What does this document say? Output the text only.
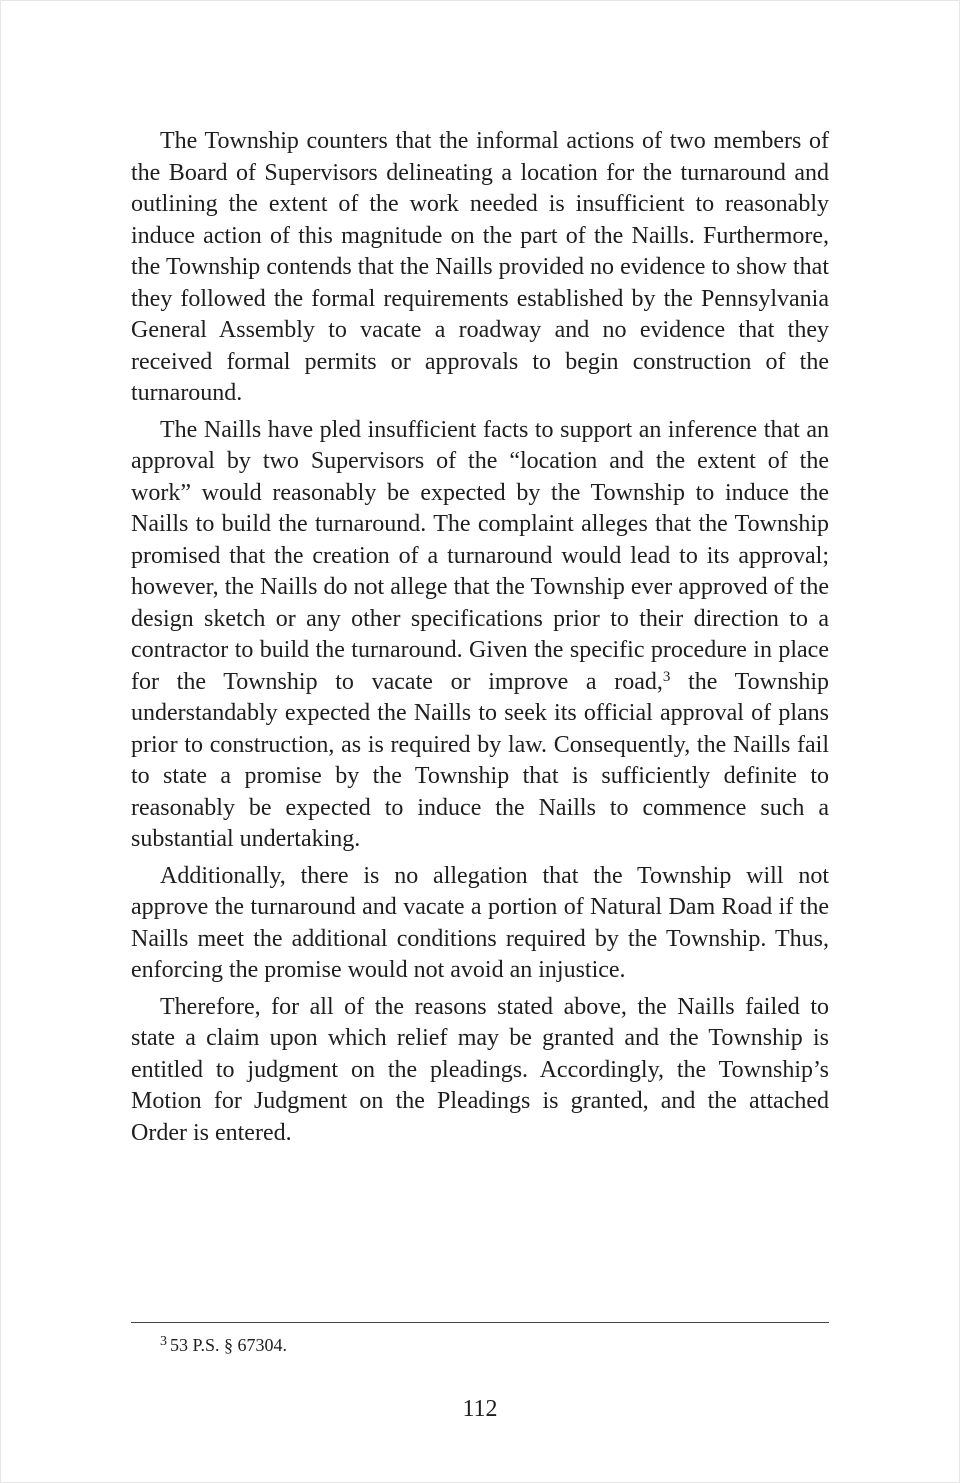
The Township counters that the informal actions of two members of the Board of Supervisors delineating a location for the turnaround and outlining the extent of the work needed is insufficient to reasonably induce action of this magnitude on the part of the Naills. Furthermore, the Township contends that the Naills provided no evidence to show that they followed the formal requirements established by the Pennsylvania General Assembly to vacate a roadway and no evidence that they received formal permits or approvals to begin construction of the turnaround.

The Naills have pled insufficient facts to support an inference that an approval by two Supervisors of the “location and the extent of the work” would reasonably be expected by the Township to induce the Naills to build the turnaround. The complaint alleges that the Township promised that the creation of a turnaround would lead to its approval; however, the Naills do not allege that the Township ever approved of the design sketch or any other specifications prior to their direction to a contractor to build the turnaround. Given the specific procedure in place for the Township to vacate or improve a road,$^3$ the Township understandably expected the Naills to seek its official approval of plans prior to construction, as is required by law. Consequently, the Naills fail to state a promise by the Township that is sufficiently definite to reasonably be expected to induce the Naills to commence such a substantial undertaking.

Additionally, there is no allegation that the Township will not approve the turnaround and vacate a portion of Natural Dam Road if the Naills meet the additional conditions required by the Township. Thus, enforcing the promise would not avoid an injustice.

Therefore, for all of the reasons stated above, the Naills failed to state a claim upon which relief may be granted and the Township is entitled to judgment on the pleadings. Accordingly, the Township’s Motion for Judgment on the Pleadings is granted, and the attached Order is entered.

$^3$ 53 P.S. § 67304.
112
